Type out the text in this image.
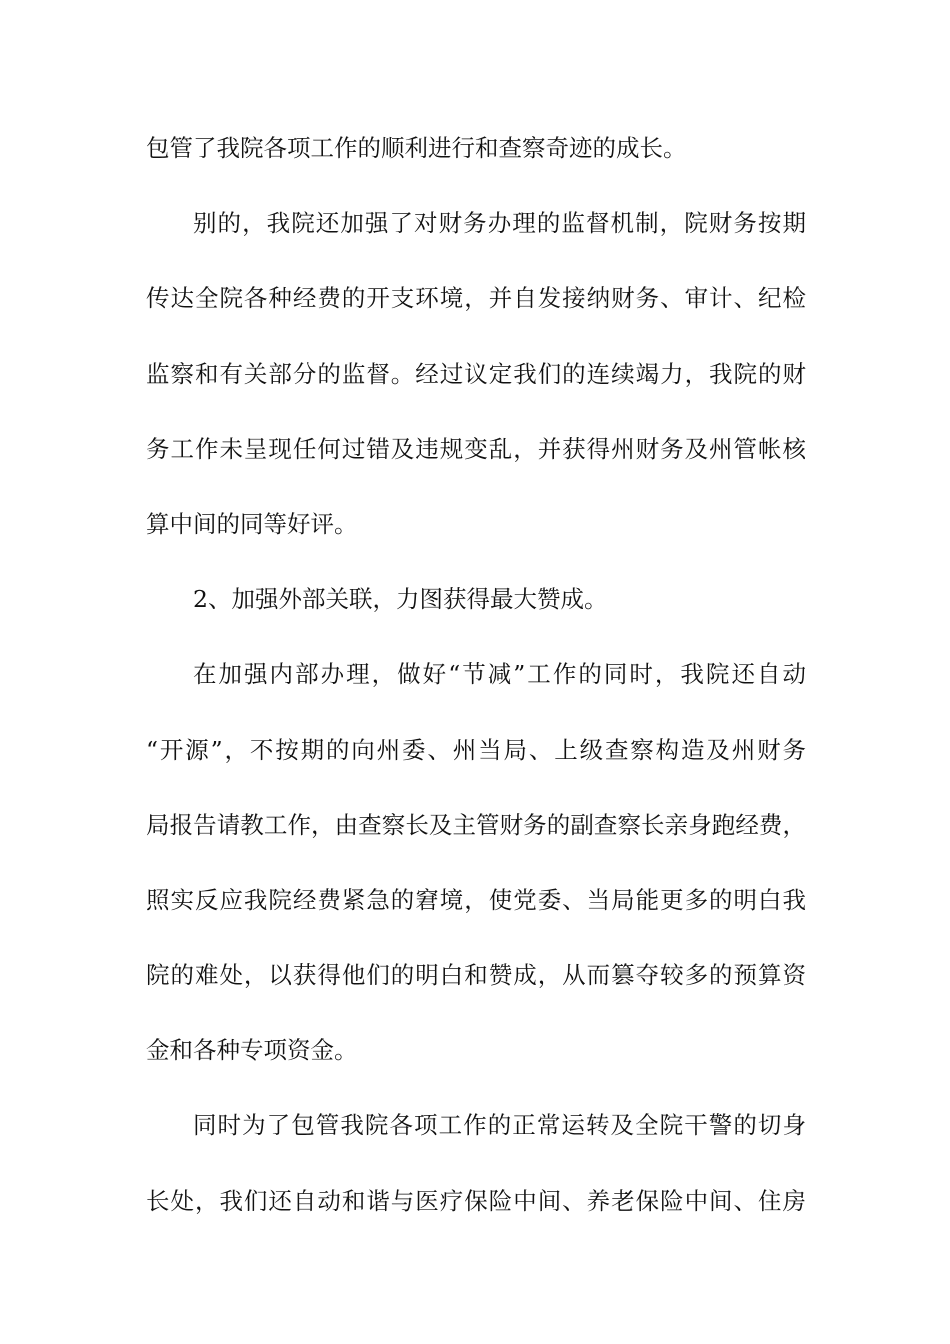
包管了我院各项工作的顺利进行和查察奇迹的成长。
别的，我院还加强了对财务办理的监督机制，院财务按期
传达全院各种经费的开支环境，并自发接纳财务、审计、纪检
监察和有关部分的监督。经过议定我们的连续竭力，我院的财
务工作未呈现任何过错及违规变乱，并获得州财务及州管帐核
算中间的同等好评。
2、加强外部关联，力图获得最大赞成。
在加强内部办理，做好“节减”工作的同时，我院还自动
“开源”，不按期的向州委、州当局、上级查察构造及州财务
局报告请教工作，由查察长及主管财务的副查察长亲身跑经费，
照实反应我院经费紧急的窘境，使党委、当局能更多的明白我
院的难处，以获得他们的明白和赞成，从而篡夺较多的预算资
金和各种专项资金。
同时为了包管我院各项工作的正常运转及全院干警的切身
长处，我们还自动和谐与医疗保险中间、养老保险中间、住房
